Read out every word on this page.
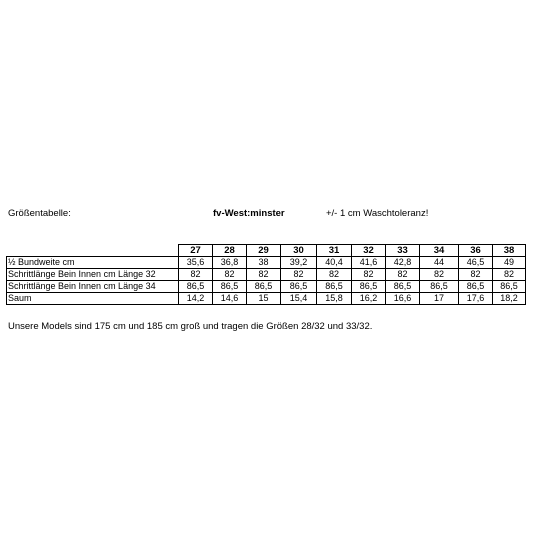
Größentabelle:	fv-West:minster	+/- 1 cm Waschtoleranz!
	27	28	29	30	31	32	33	34	36	38
½ Bundweite cm	35,6	36,8	38	39,2	40,4	41,6	42,8	44	46,5	49
Schrittlänge Bein Innen cm Länge 32	82	82	82	82	82	82	82	82	82	82
Schrittlänge Bein Innen cm Länge 34	86,5	86,5	86,5	86,5	86,5	86,5	86,5	86,5	86,5	86,5
Saum	14,2	14,6	15	15,4	15,8	16,2	16,6	17	17,6	18,2
Unsere Models sind 175 cm und 185 cm groß und tragen die Größen 28/32 und 33/32.
